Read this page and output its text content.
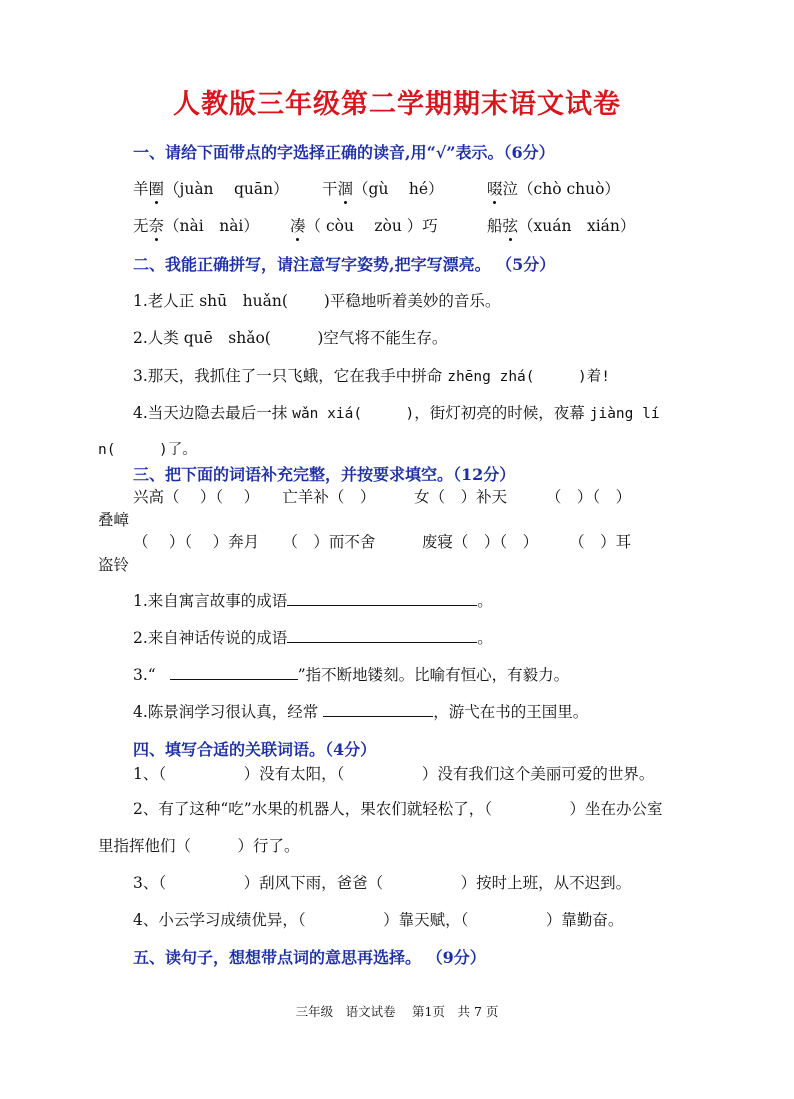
人教版三年级第二学期期末语文试卷
一、请给下面带点的字选择正确的读音,用“√”表示。（6分）
羊圈（juàn　 quān） 干涸（gù　 hé）	啜泣（chò chuò）
无奈（nài　nài） 凑（ còu　 zòu ）巧	船弦（xuán　xián）
二、我能正确拼写，请注意写字姿势,把字写漂亮。 （5分）
1.老人正 shū　huǎn(　　 )平稳地听着美妙的音乐。
2.人类 quē　shǎo(　　　)空气将不能生存。
3.那天，我抓住了一只飞蛾，它在我手中拼命 zhēng zhá(　　　)着!
4.当天边隐去最后一抹 wǎn xiá(　　　)，街灯初亮的时候，夜幕 jiàng lí
n(　　　)了。
三、把下面的词语补充完整，并按要求填空。（12分）
兴高（　 ）（　 ）　　亡羊补（　）　　　女（　）补天　　　（　）（　）
叠嶂
（　 ）（　 ）奔月　　（　）而不舍　　　废寝（　）（　）　　　（　）耳
盗铃
1.来自寓言故事的成语	。
2.来自神话传说的成语	。
3.“	”指不断地镂刻。比喻有恒心，有毅力。
4.陈景润学习很认真，经常	，游弋在书的王国里。
四、填写合适的关联词语。（4分）
1、（　　　　　）没有太阳，（　　　　　）没有我们这个美丽可爱的世界。
2、有了这种“吃”水果的机器人，果农们就轻松了，（　　　　　）坐在办公室
里指挥他们（　　　）行了。
3、（　　　　　）刮风下雨，爸爸（　　　　　）按时上班，从不迟到。
4、小云学习成绩优异，（　　　　　）靠天赋，（　　　　　）靠勤奋。
五、读句子，想想带点词的意思再选择。 （9分）
三年级　语文试卷　 第1页　共 7 页
